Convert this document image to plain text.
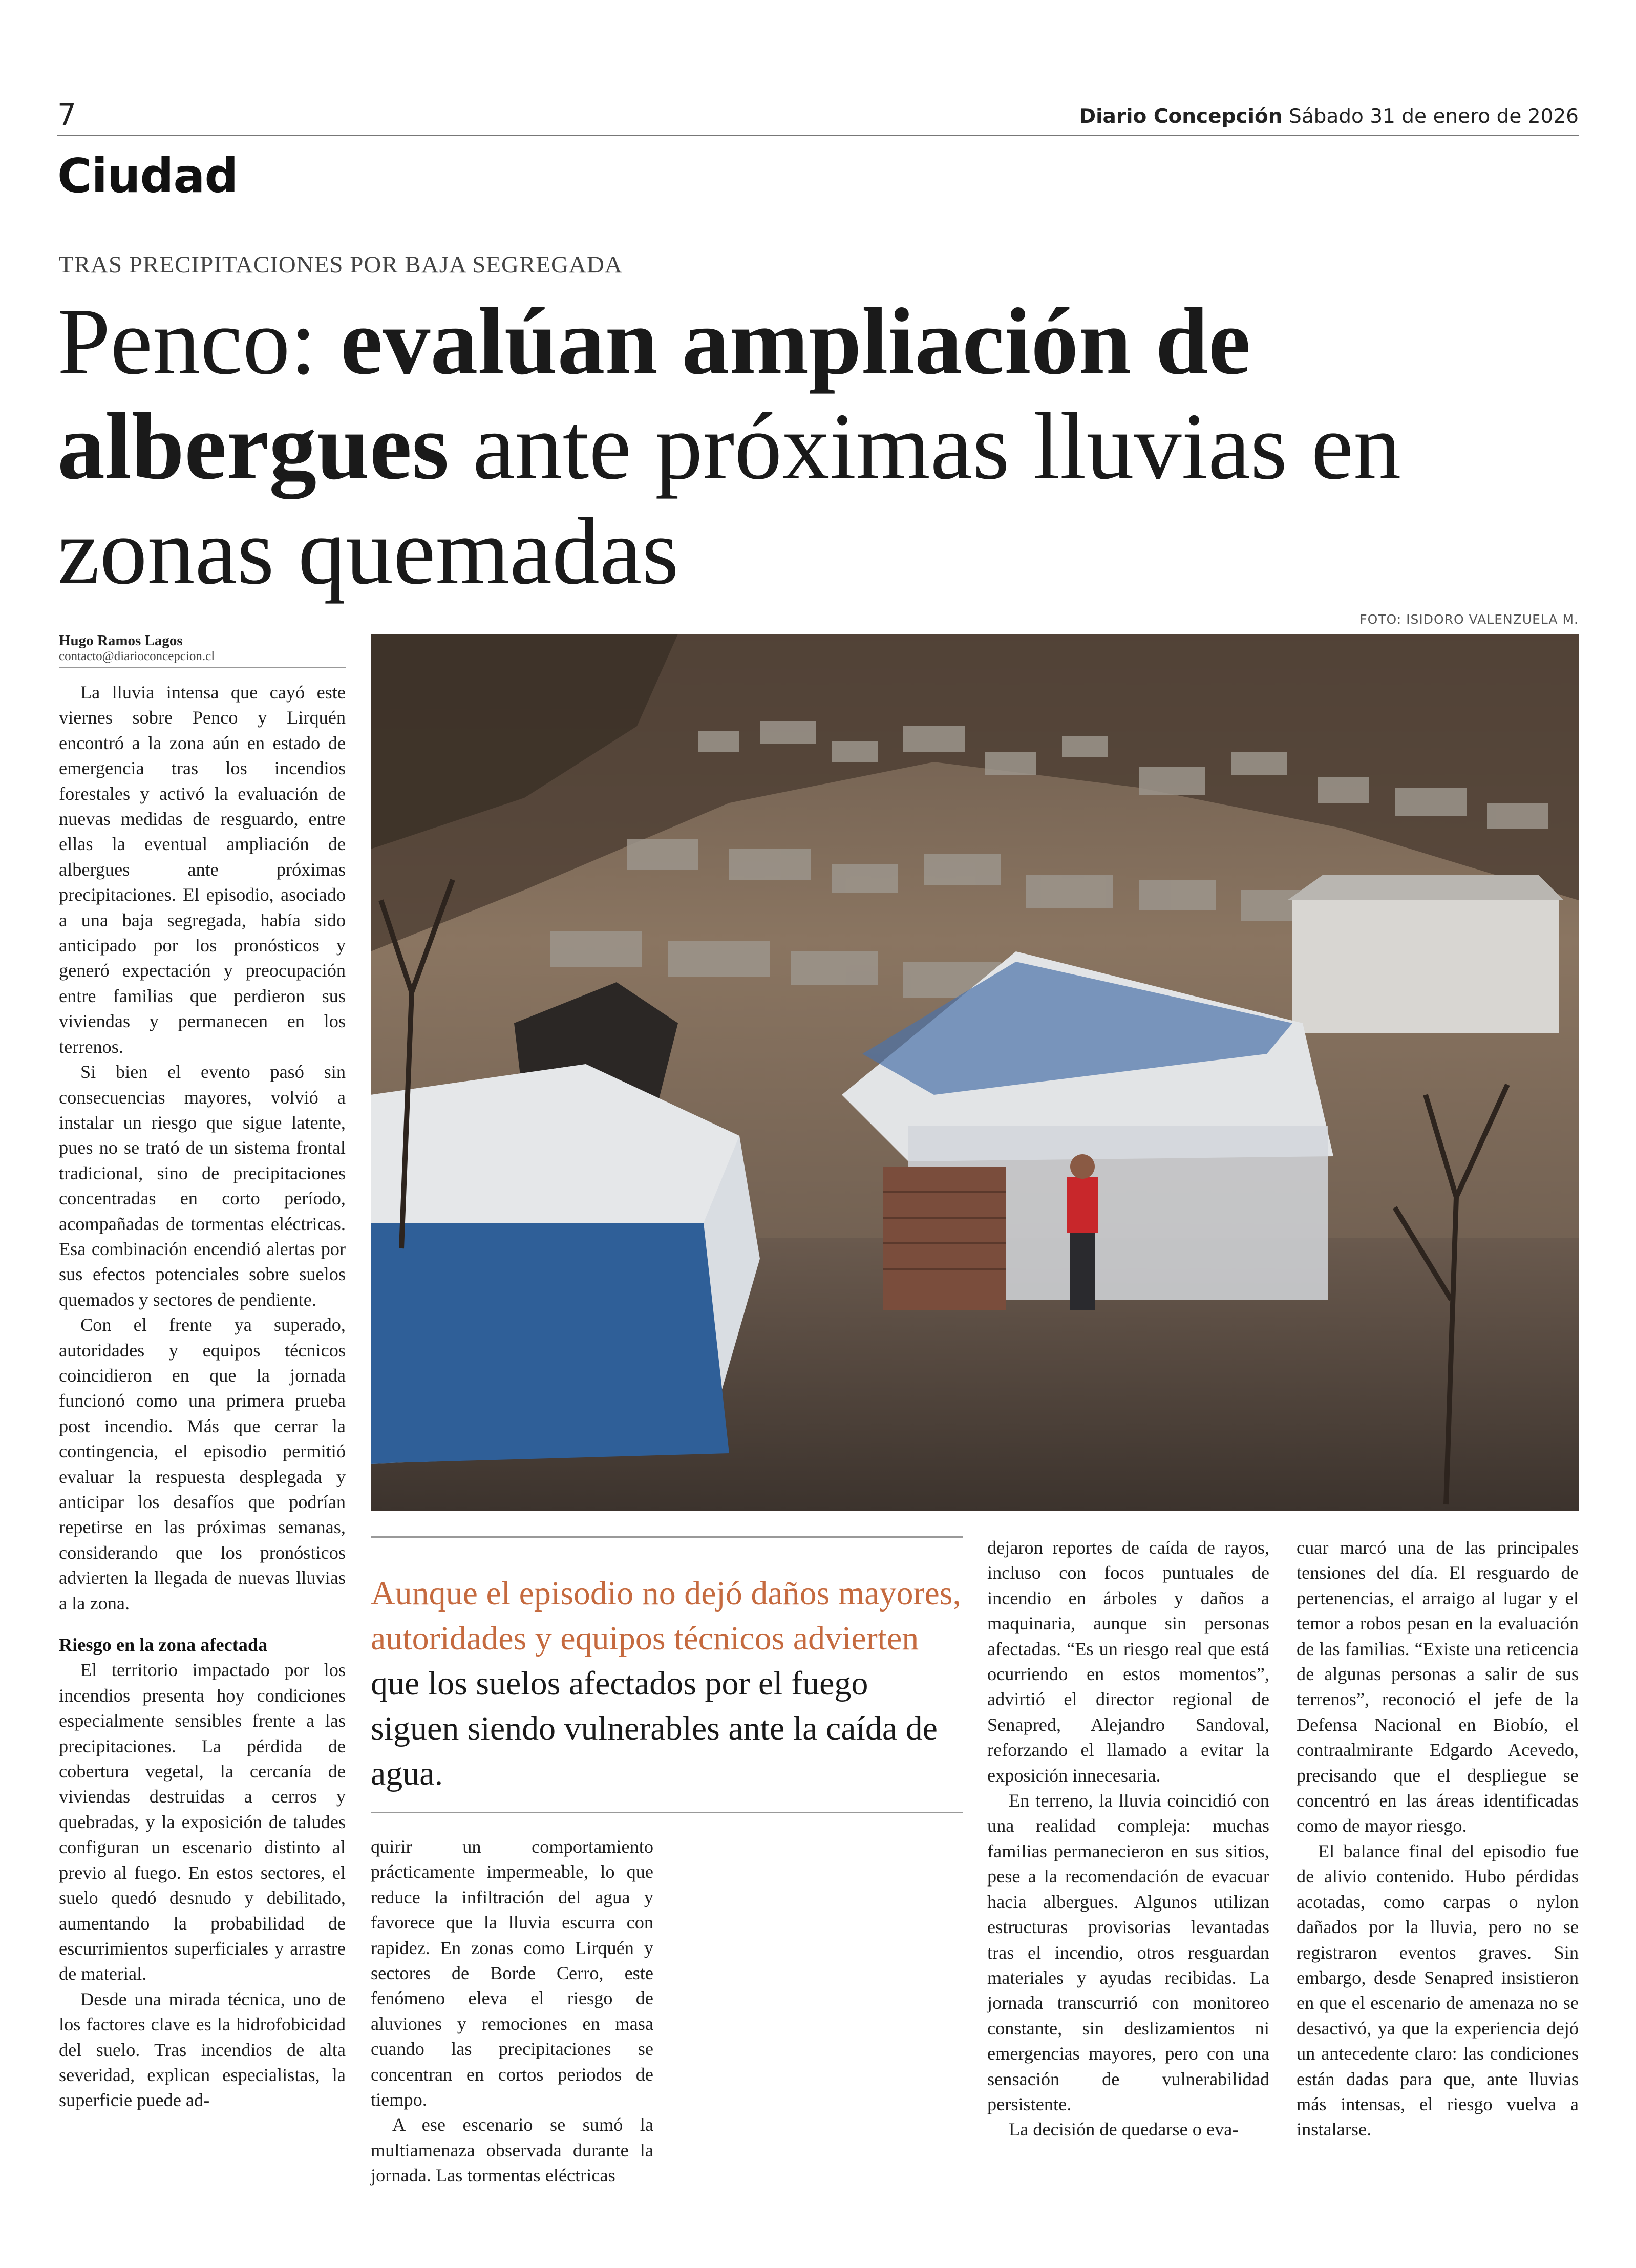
7	Diario Concepción Sábado 31 de enero de 2026
Ciudad
TRAS PRECIPITACIONES POR BAJA SEGREGADA
Penco: evalúan ampliación de albergues ante próximas lluvias en zonas quemadas
FOTO: ISIDORO VALENZUELA M.
Hugo Ramos Lagos
contacto@diarioconcepcion.cl

La lluvia intensa que cayó este viernes sobre Penco y Lirquén encontró a la zona aún en estado de emergencia tras los incendios forestales y activó la evaluación de nuevas medidas de resguardo, entre ellas la eventual ampliación de albergues ante próximas precipitaciones. El episodio, asociado a una baja segregada, había sido anticipado por los pronósticos y generó expectación y preocupación entre familias que perdieron sus viviendas y permanecen en los terrenos.

Si bien el evento pasó sin consecuencias mayores, volvió a instalar un riesgo que sigue latente, pues no se trató de un sistema frontal tradicional, sino de precipitaciones concentradas en corto período, acompañadas de tormentas eléctricas. Esa combinación encendió alertas por sus efectos potenciales sobre suelos quemados y sectores de pendiente.

Con el frente ya superado, autoridades y equipos técnicos coincidieron en que la jornada funcionó como una primera prueba post incendio. Más que cerrar la contingencia, el episodio permitió evaluar la respuesta desplegada y anticipar los desafíos que podrían repetirse en las próximas semanas, considerando que los pronósticos advierten la llegada de nuevas lluvias a la zona.

Riesgo en la zona afectada

El territorio impactado por los incendios presenta hoy condiciones especialmente sensibles frente a las precipitaciones. La pérdida de cobertura vegetal, la cercanía de viviendas destruidas a cerros y quebradas, y la exposición de taludes configuran un escenario distinto al previo al fuego. En estos sectores, el suelo quedó desnudo y debilitado, aumentando la probabilidad de escurrimientos superficiales y arrastre de material.

Desde una mirada técnica, uno de los factores clave es la hidrofobicidad del suelo. Tras incendios de alta severidad, explican especialistas, la superficie puede ad-

Aunque el episodio no dejó daños mayores, autoridades y equipos técnicos advierten que los suelos afectados por el fuego siguen siendo vulnerables ante la caída de agua.

quirir un comportamiento prácticamente impermeable, lo que reduce la infiltración del agua y favorece que la lluvia escurra con rapidez. En zonas como Lirquén y sectores de Borde Cerro, este fenómeno eleva el riesgo de aluviones y remociones en masa cuando las precipitaciones se concentran en cortos periodos de tiempo.

A ese escenario se sumó la multiamenaza observada durante la jornada. Las tormentas eléctricas

dejaron reportes de caída de rayos, incluso con focos puntuales de incendio en árboles y daños a maquinaria, aunque sin personas afectadas. “Es un riesgo real que está ocurriendo en estos momentos”, advirtió el director regional de Senapred, Alejandro Sandoval, reforzando el llamado a evitar la exposición innecesaria.

En terreno, la lluvia coincidió con una realidad compleja: muchas familias permanecieron en sus sitios, pese a la recomendación de evacuar hacia albergues. Algunos utilizan estructuras provisorias levantadas tras el incendio, otros resguardan materiales y ayudas recibidas. La jornada transcurrió con monitoreo constante, sin deslizamientos ni emergencias mayores, pero con una sensación de vulnerabilidad persistente.

La decisión de quedarse o eva-

cuar marcó una de las principales tensiones del día. El resguardo de pertenencias, el arraigo al lugar y el temor a robos pesan en la evaluación de las familias. “Existe una reticencia de algunas personas a salir de sus terrenos”, reconoció el jefe de la Defensa Nacional en Biobío, el contraalmirante Edgardo Acevedo, precisando que el despliegue se concentró en las áreas identificadas como de mayor riesgo.

El balance final del episodio fue de alivio contenido. Hubo pérdidas acotadas, como carpas o nylon dañados por la lluvia, pero no se registraron eventos graves. Sin embargo, desde Senapred insistieron en que el escenario de amenaza no se desactivó, ya que la experiencia dejó un antecedente claro: las condiciones están dadas para que, ante lluvias más intensas, el riesgo vuelva a instalarse.
